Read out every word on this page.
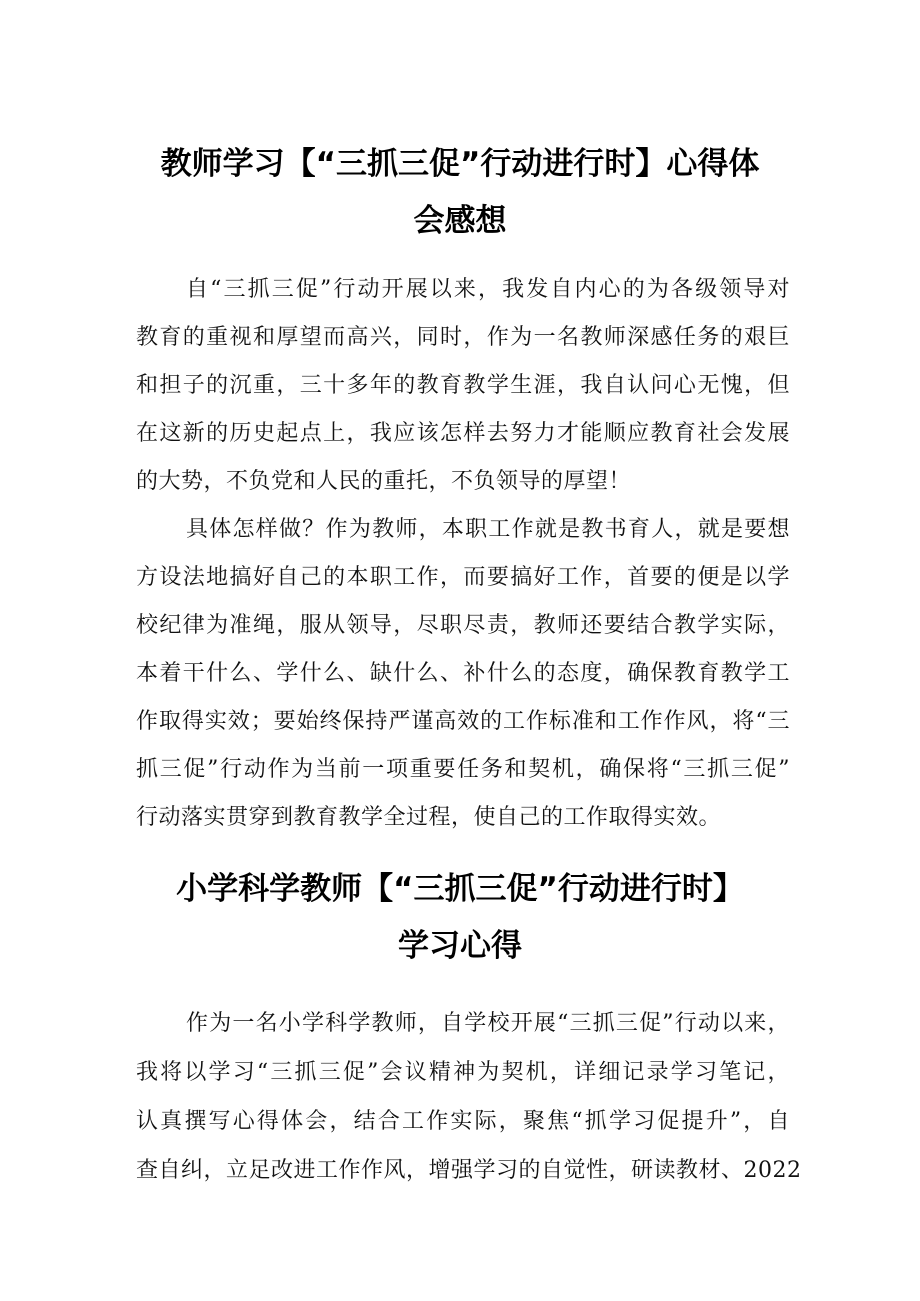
教师学习【“三抓三促”行动进行时】心得体
会感想
自“三抓三促”行动开展以来，我发自内心的为各级领导对
教育的重视和厚望而高兴，同时，作为一名教师深感任务的艰巨
和担子的沉重，三十多年的教育教学生涯，我自认问心无愧，但
在这新的历史起点上，我应该怎样去努力才能顺应教育社会发展
的大势，不负党和人民的重托，不负领导的厚望！
具体怎样做？作为教师，本职工作就是教书育人，就是要想
方设法地搞好自己的本职工作，而要搞好工作，首要的便是以学
校纪律为准绳，服从领导，尽职尽责，教师还要结合教学实际，
本着干什么、学什么、缺什么、补什么的态度，确保教育教学工
作取得实效；要始终保持严谨高效的工作标准和工作作风，将“三
抓三促”行动作为当前一项重要任务和契机，确保将“三抓三促”
行动落实贯穿到教育教学全过程，使自己的工作取得实效。
小学科学教师【“三抓三促”行动进行时】
学习心得
作为一名小学科学教师，自学校开展“三抓三促”行动以来，
我将以学习“三抓三促”会议精神为契机，详细记录学习笔记，
认真撰写心得体会，结合工作实际，聚焦“抓学习促提升”，自
查自纠，立足改进工作作风，增强学习的自觉性，研读教材、2022
